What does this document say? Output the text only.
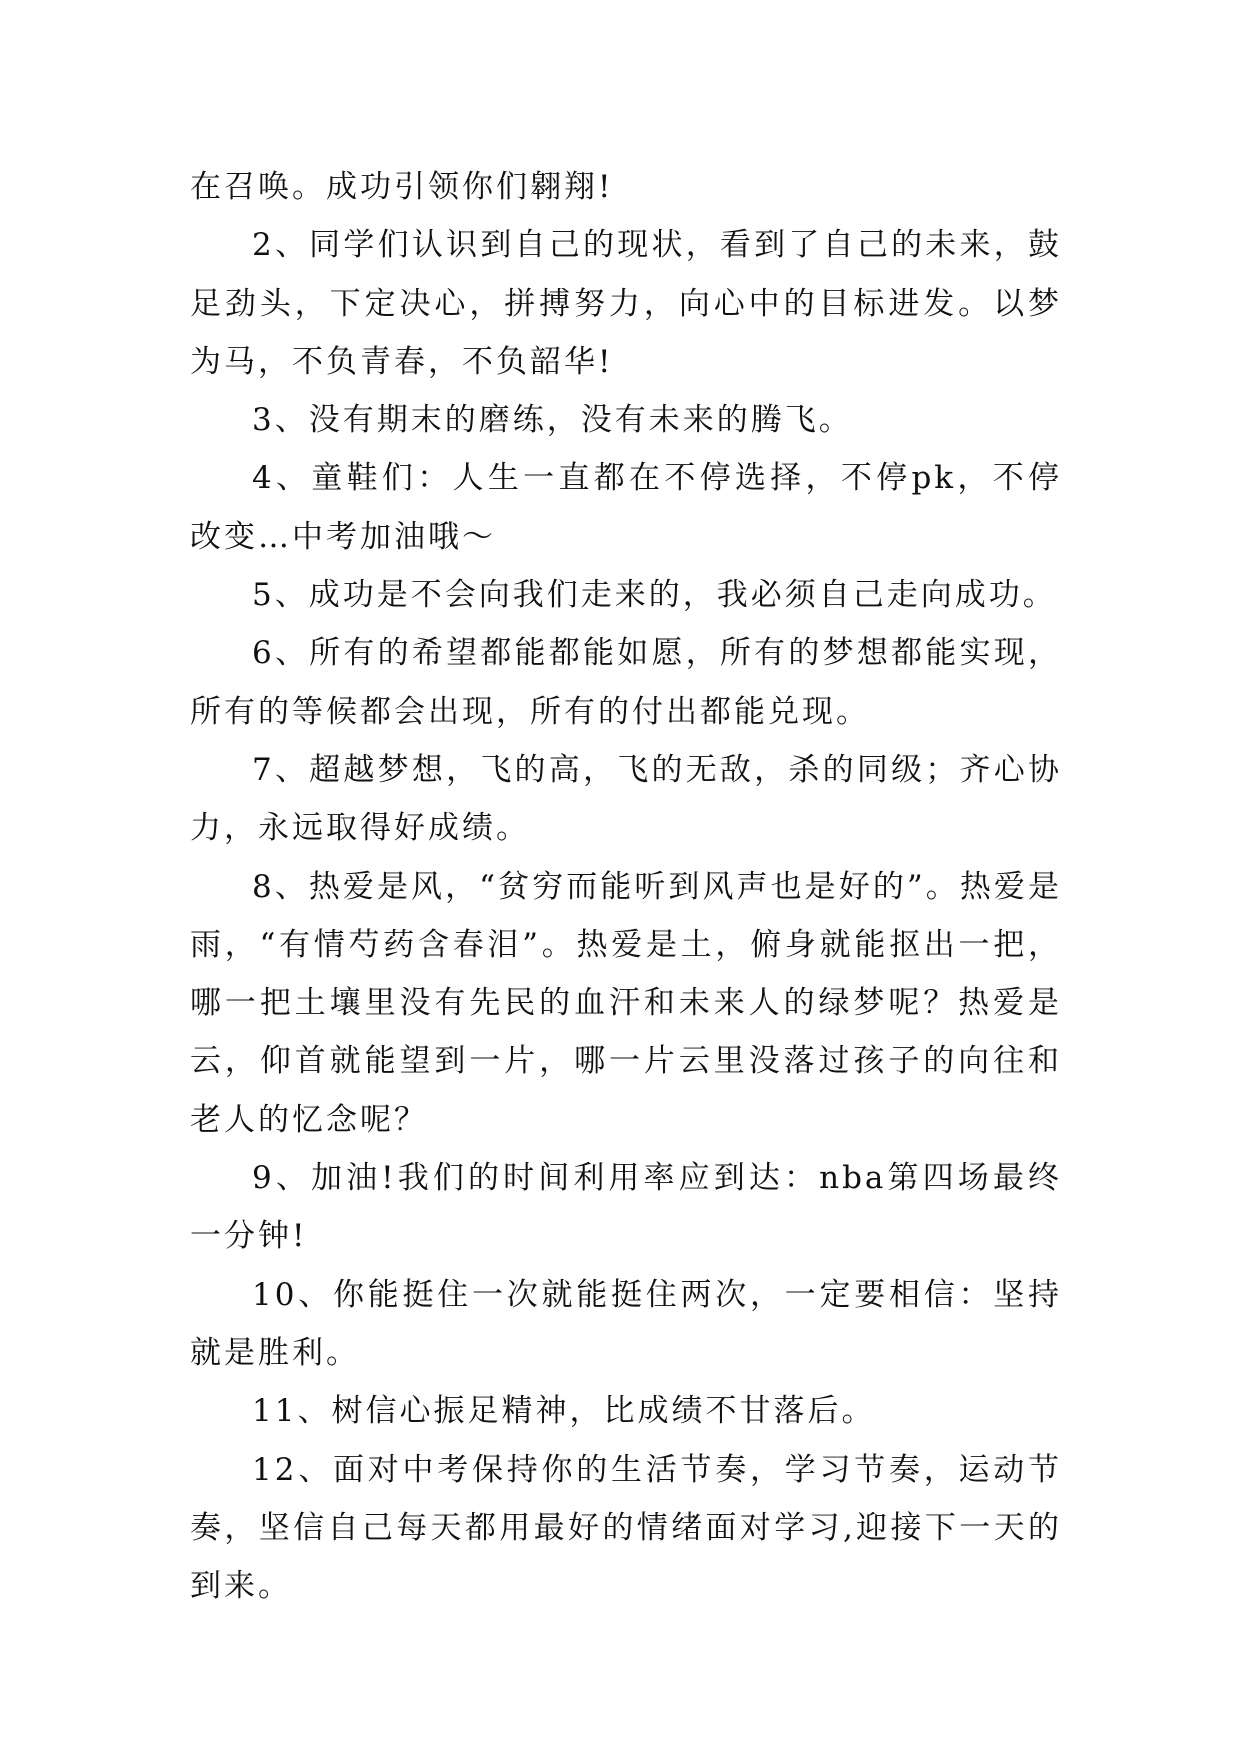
在召唤。成功引领你们翱翔!

2、同学们认识到自己的现状，看到了自己的未来，鼓足劲头，下定决心，拼搏努力，向心中的目标进发。以梦为马，不负青春，不负韶华!

3、没有期末的磨练，没有未来的腾飞。

4、童鞋们：人生一直都在不停选择，不停pk，不停改变…中考加油哦～

5、成功是不会向我们走来的，我必须自己走向成功。

6、所有的希望都能都能如愿，所有的梦想都能实现，所有的等候都会出现，所有的付出都能兑现。

7、超越梦想，飞的高，飞的无敌，杀的同级；齐心协力，永远取得好成绩。

8、热爱是风，“贫穷而能听到风声也是好的”。热爱是雨，“有情芍药含春泪”。热爱是土，俯身就能抠出一把，哪一把土壤里没有先民的血汗和未来人的绿梦呢？热爱是云，仰首就能望到一片，哪一片云里没落过孩子的向往和老人的忆念呢？

9、加油!我们的时间利用率应到达：nba第四场最终一分钟!

10、你能挺住一次就能挺住两次，一定要相信：坚持就是胜利。

11、树信心振足精神，比成绩不甘落后。

12、面对中考保持你的生活节奏，学习节奏，运动节奏，坚信自己每天都用最好的情绪面对学习,迎接下一天的到来。
